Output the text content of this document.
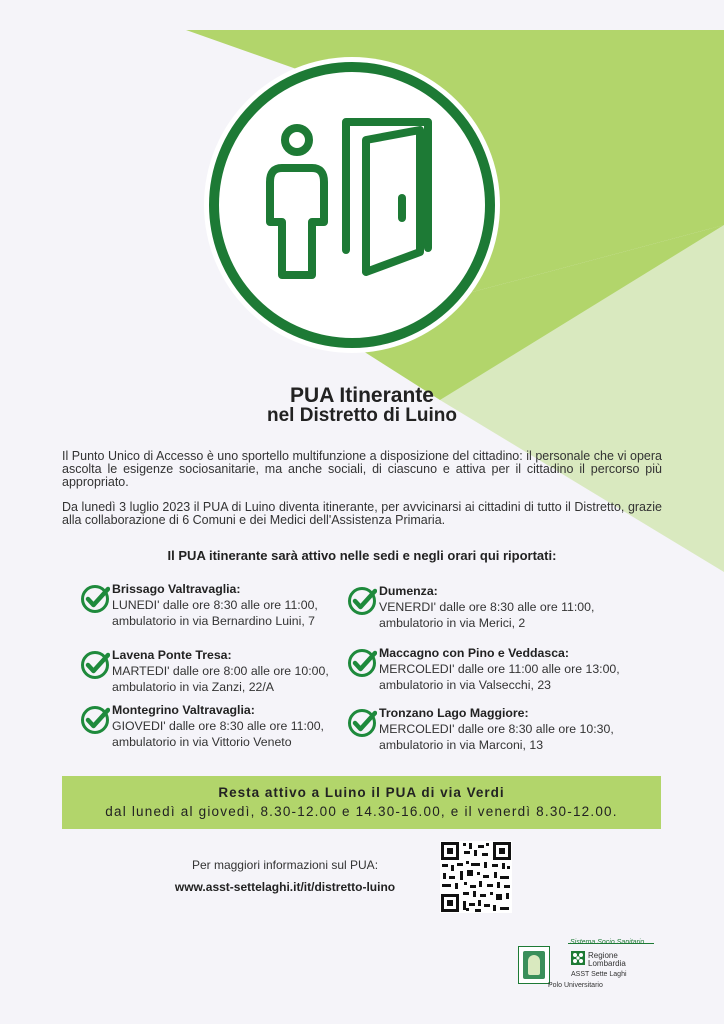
PUA Itinerante
nel Distretto di Luino

Il Punto Unico di Accesso è uno sportello multifunzione a disposizione del cittadino: il personale che vi opera ascolta le esigenze sociosanitarie, ma anche sociali, di ciascuno e attiva per il cittadino il percorso più appropriato.

Da lunedì 3 luglio 2023 il PUA di Luino diventa itinerante, per avvicinarsi ai cittadini di tutto il Distretto, grazie alla collaborazione di 6 Comuni e dei Medici dell'Assistenza Primaria.

Il PUA itinerante sarà attivo nelle sedi e negli orari qui riportati:
Brissago Valtravaglia:
LUNEDI' dalle ore 8:30 alle ore 11:00,
ambulatorio in via Bernardino Luini, 7
Dumenza:
VENERDI' dalle ore 8:30 alle ore 11:00,
ambulatorio in via Merici, 2
Lavena Ponte Tresa:
MARTEDI' dalle ore 8:00 alle ore 10:00,
ambulatorio in via Zanzi, 22/A
Maccagno con Pino e Veddasca:
MERCOLEDI' dalle ore 11:00 alle ore 13:00,
ambulatorio in via Valsecchi, 23
Montegrino Valtravaglia:
GIOVEDI' dalle ore 8:30 alle ore 11:00,
ambulatorio in via Vittorio Veneto
Tronzano Lago Maggiore:
MERCOLEDI' dalle ore 8:30 alle ore 10:30,
ambulatorio in via Marconi, 13
Resta attivo a Luino il PUA di via Verdi
dal lunedì al giovedì, 8.30-12.00 e 14.30-16.00, e il venerdì 8.30-12.00.
Per maggiori informazioni sul PUA:
www.asst-settelaghi.it/it/distretto-luino
Sistema Socio Sanitario
Regione
Lombardia
ASST Sette Laghi
Polo Universitario
